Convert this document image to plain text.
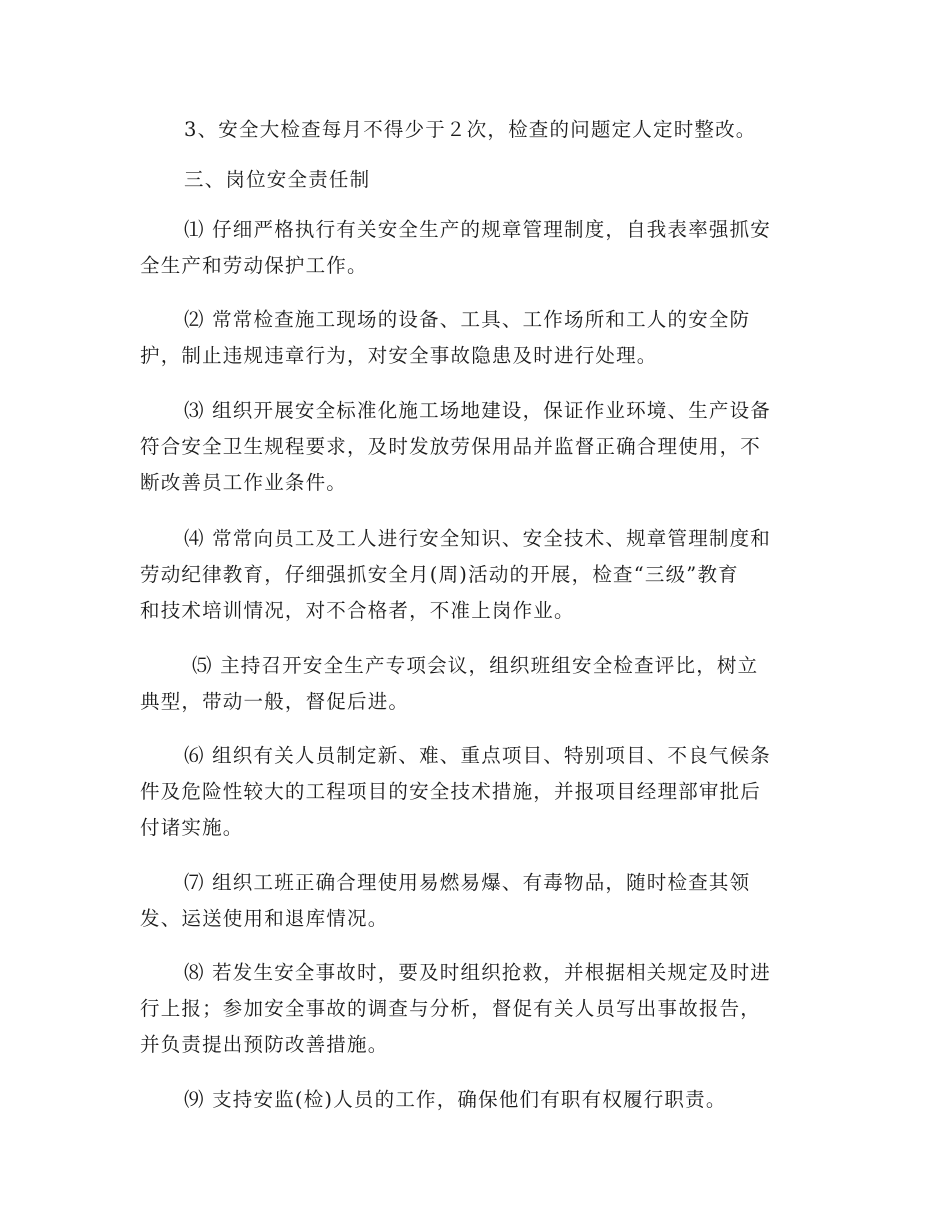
3、安全大检查每月不得少于２次，检查的问题定人定时整改。

三、岗位安全责任制

⑴ 仔细严格执行有关安全生产的规章管理制度，自我表率强抓安
全生产和劳动保护工作。

⑵ 常常检查施工现场的设备、工具、工作场所和工人的安全防
护，制止违规违章行为，对安全事故隐患及时进行处理。

⑶ 组织开展安全标准化施工场地建设，保证作业环境、生产设备
符合安全卫生规程要求，及时发放劳保用品并监督正确合理使用，不
断改善员工作业条件。

⑷ 常常向员工及工人进行安全知识、安全技术、规章管理制度和
劳动纪律教育，仔细强抓安全月(周)活动的开展，检查“三级”教育
和技术培训情况，对不合格者，不准上岗作业。

⑸ 主持召开安全生产专项会议，组织班组安全检查评比，树立
典型，带动一般，督促后进。

⑹ 组织有关人员制定新、难、重点项目、特别项目、不良气候条
件及危险性较大的工程项目的安全技术措施，并报项目经理部审批后
付诸实施。

⑺ 组织工班正确合理使用易燃易爆、有毒物品，随时检查其领
发、运送使用和退库情况。

⑻ 若发生安全事故时，要及时组织抢救，并根据相关规定及时进
行上报；参加安全事故的调查与分析，督促有关人员写出事故报告，
并负责提出预防改善措施。

⑼ 支持安监(检)人员的工作，确保他们有职有权履行职责。
